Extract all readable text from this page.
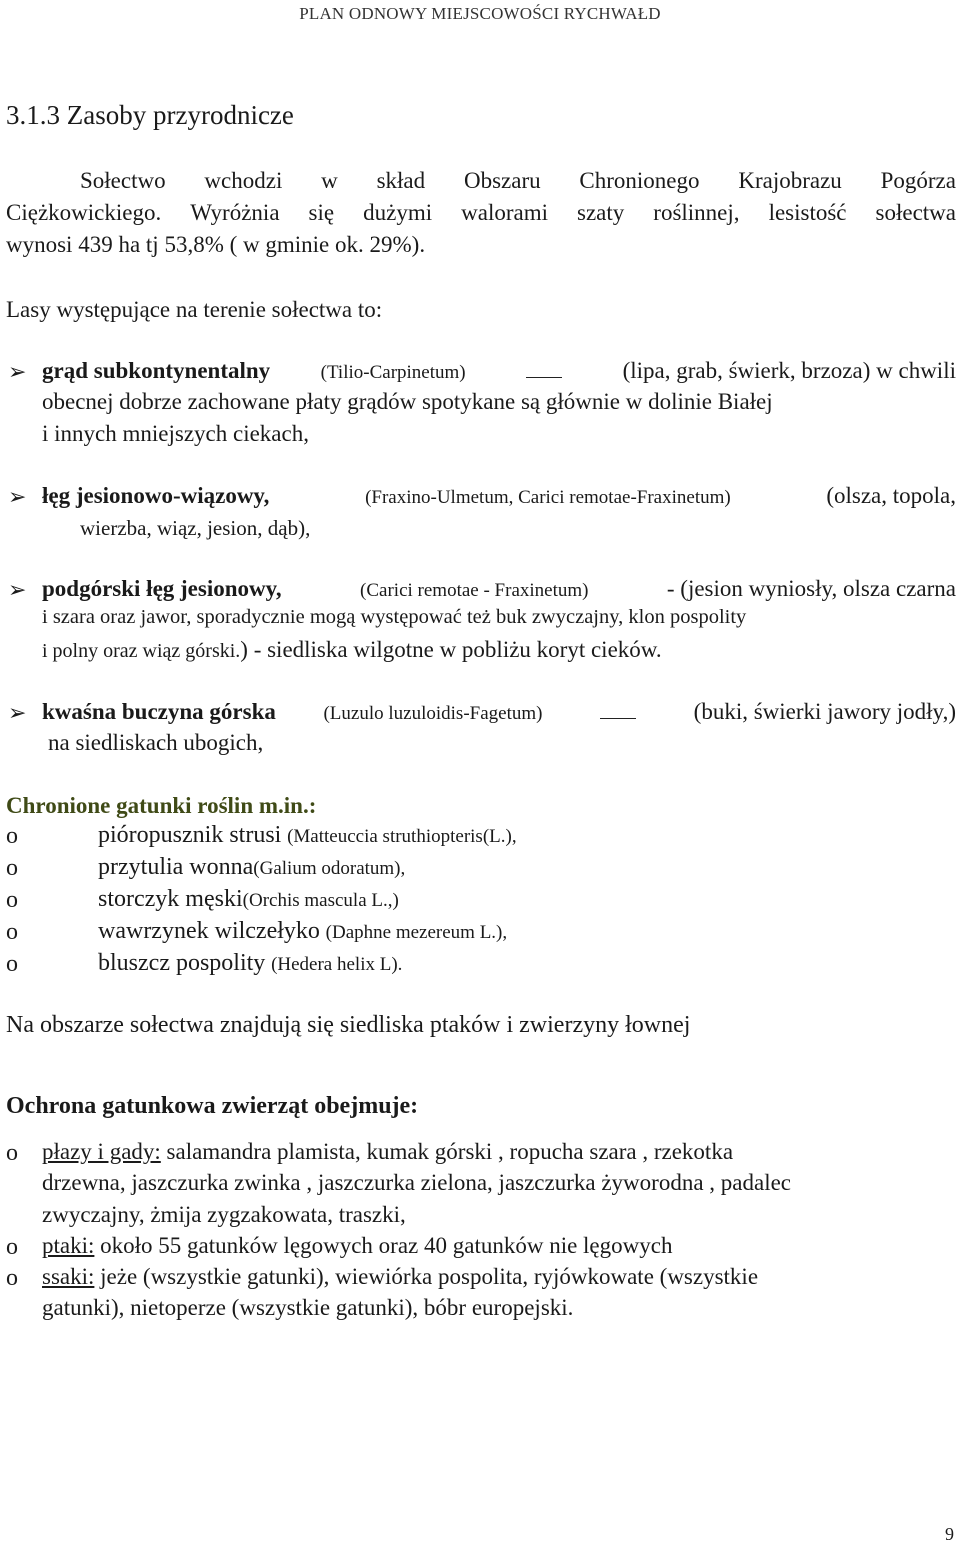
PLAN ODNOWY MIEJSCOWOŚCI RYCHWAŁD
3.1.3 Zasoby przyrodnicze
Sołectwo wchodzi w skład Obszaru Chronionego Krajobrazu Pogórza
Ciężkowickiego. Wyróżnia się dużymi walorami szaty roślinnej, lesistość sołectwa
wynosi 439 ha tj 53,8% ( w gminie ok. 29%).
Lasy występujące na terenie sołectwa to:
➢ grąd subkontynentalny	(Tilio-Carpinetum)	(lipa, grab, świerk, brzoza) w chwili
obecnej dobrze zachowane płaty grądów spotykane są głównie w dolinie Białej
i innych mniejszych ciekach,
➢ łęg jesionowo-wiązowy,	(Fraxino-Ulmetum, Carici remotae-Fraxinetum)	(olsza, topola,
wierzba, wiąz, jesion, dąb),
➢ podgórski łęg jesionowy,	(Carici remotae - Fraxinetum)	- (jesion wyniosły, olsza czarna
i szara oraz jawor, sporadycznie mogą występować też buk zwyczajny, klon pospolity
i polny oraz wiąz górski.) - siedliska wilgotne w pobliżu koryt cieków.
➢ kwaśna buczyna górska	(Luzulo luzuloidis-Fagetum)	(buki, świerki jawory jodły,)
na siedliskach ubogich,
Chronione gatunki roślin m.in.:
o	pióropusznik strusi (Matteuccia struthiopteris(L.),
o	przytulia wonna(Galium odoratum),
o	storczyk męski(Orchis mascula L.,)
o	wawrzynek wilczełyko (Daphne mezereum L.),
o	bluszcz pospolity (Hedera helix L).
Na obszarze sołectwa znajdują się siedliska ptaków i zwierzyny łownej
Ochrona gatunkowa zwierząt obejmuje:
o płazy i gady: salamandra plamista, kumak górski , ropucha szara , rzekotka
drzewna, jaszczurka zwinka , jaszczurka zielona, jaszczurka żyworodna , padalec
zwyczajny, żmija zygzakowata, traszki,
o ptaki: około 55 gatunków lęgowych oraz 40 gatunków nie lęgowych
o ssaki: jeże (wszystkie gatunki), wiewiórka pospolita, ryjówkowate (wszystkie
gatunki), nietoperze (wszystkie gatunki), bóbr europejski.
9
